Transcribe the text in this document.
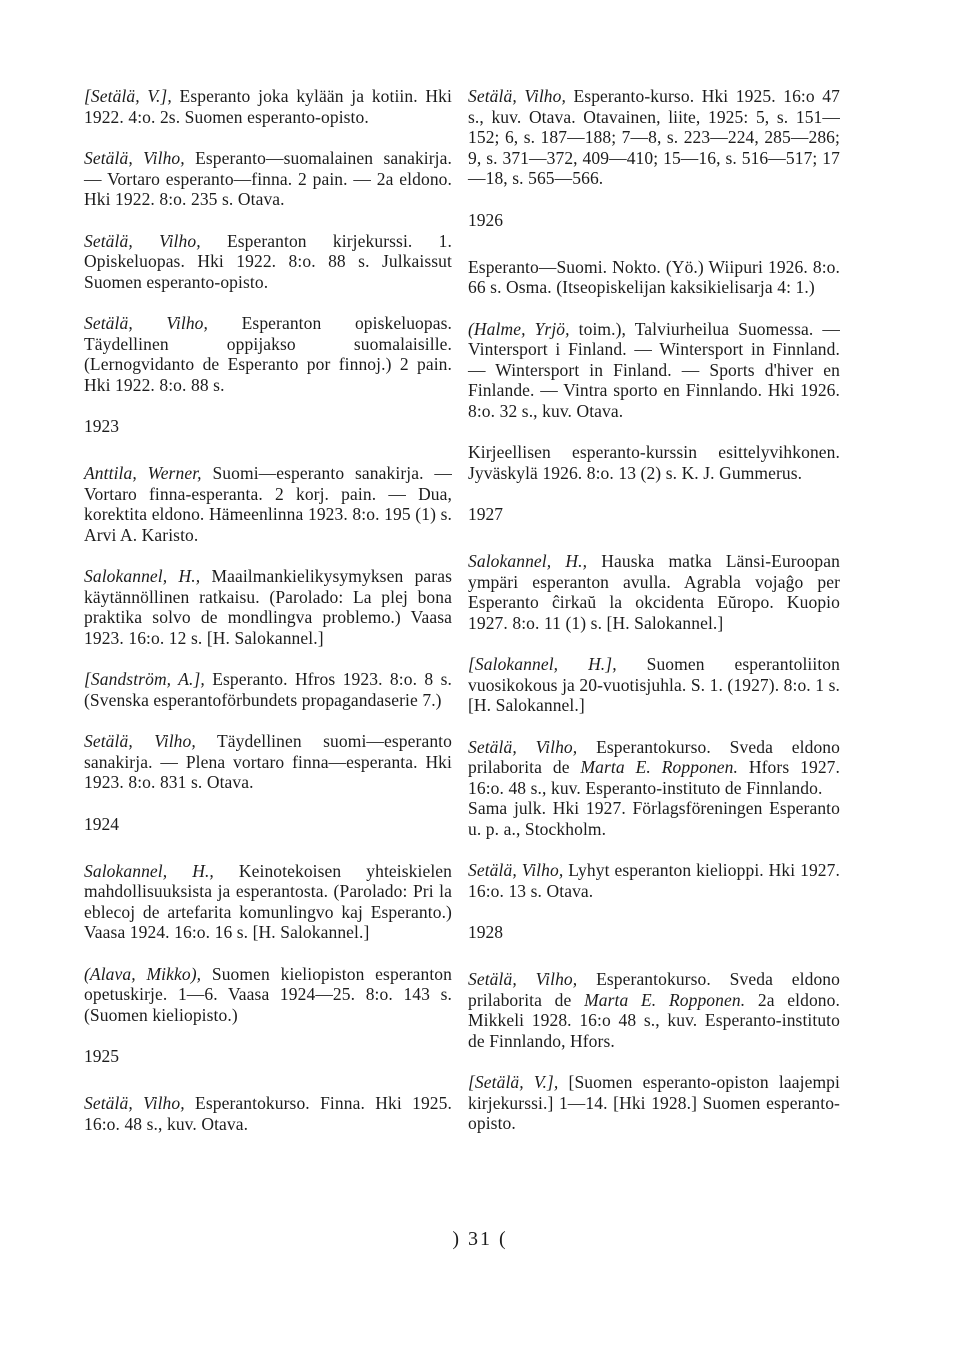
[Setälä, V.], Esperanto joka kylään ja kotiin. Hki 1922. 4:o. 2s. Suomen esperanto-opisto.
Setälä, Vilho, Esperanto—suomalainen sanakirja. — Vortaro esperanto—finna. 2 pain. — 2a eldono. Hki 1922. 8:o. 235 s. Otava.
Setälä, Vilho, Esperanton kirjekurssi. 1. Opiskeluopas. Hki 1922. 8:o. 88 s. Julkaissut Suomen esperanto-opisto.
Setälä, Vilho, Esperanton opiskeluopas. Täydellinen oppijakso suomalaisille. (Lernogvidanto de Esperanto por finnoj.) 2 pain. Hki 1922. 8:o. 88 s.
1923
Anttila, Werner, Suomi—esperanto sanakirja. — Vortaro finna-esperanta. 2 korj. pain. — Dua, korektita eldono. Hämeenlinna 1923. 8:o. 195 (1) s. Arvi A. Karisto.
Salokannel, H., Maailmankielikysymyksen paras käytännöllinen ratkaisu. (Parolado: La plej bona praktika solvo de mondlingva problemo.) Vaasa 1923. 16:o. 12 s. [H. Salokannel.]
[Sandström, A.], Esperanto. Hfros 1923. 8:o. 8 s. (Svenska esperantoförbundets propagandaserie 7.)
Setälä, Vilho, Täydellinen suomi—esperanto sanakirja. — Plena vortaro finna—esperanta. Hki 1923. 8:o. 831 s. Otava.
1924
Salokannel, H., Keinotekoisen yhteiskielen mahdollisuuksista ja esperantosta. (Parolado: Pri la eblecoj de artefarita komunlingvo kaj Esperanto.) Vaasa 1924. 16:o. 16 s. [H. Salokannel.]
(Alava, Mikko), Suomen kieliopiston esperanton opetuskirje. 1—6. Vaasa 1924—25. 8:o. 143 s. (Suomen kieliopisto.)
1925
Setälä, Vilho, Esperantokurso. Finna. Hki 1925. 16:o. 48 s., kuv. Otava.
Setälä, Vilho, Esperanto-kurso. Hki 1925. 16:o 47 s., kuv. Otava. Otavainen, liite, 1925: 5, s. 151—152; 6, s. 187—188; 7—8, s. 223—224, 285—286; 9, s. 371—372, 409—410; 15—16, s. 516—517; 17—18, s. 565—566.
1926
Esperanto—Suomi. Nokto. (Yö.) Wiipuri 1926. 8:o. 66 s. Osma. (Itseopiskelijan kaksikielisarja 4: 1.)
(Halme, Yrjö, toim.), Talviurheilua Suomessa. — Vintersport i Finland. — Wintersport in Finnland. — Wintersport in Finland. — Sports d'hiver en Finlande. — Vintra sporto en Finnlando. Hki 1926. 8:o. 32 s., kuv. Otava.
Kirjeellisen esperanto-kurssin esittelyvihkonen. Jyväskylä 1926. 8:o. 13 (2) s. K. J. Gummerus.
1927
Salokannel, H., Hauska matka Länsi-Euroopan ympäri esperanton avulla. Agrabla vojaĝo per Esperanto ĉirkaŭ la okcidenta Eŭropo. Kuopio 1927. 8:o. 11 (1) s. [H. Salokannel.]
[Salokannel, H.], Suomen esperantoliiton vuosikokous ja 20-vuotisjuhla. S. 1. (1927). 8:o. 1 s. [H. Salokannel.]
Setälä, Vilho, Esperantokurso. Sveda eldono prilaborita de Marta E. Ropponen. Hfors 1927. 16:o. 48 s., kuv. Esperanto-instituto de Finnlando.
Sama julk. Hki 1927. Förlagsföreningen Esperanto u. p. a., Stockholm.
Setälä, Vilho, Lyhyt esperanton kielioppi. Hki 1927. 16:o. 13 s. Otava.
1928
Setälä, Vilho, Esperantokurso. Sveda eldono prilaborita de Marta E. Ropponen. 2a eldono. Mikkeli 1928. 16:o 48 s., kuv. Esperanto-instituto de Finnlando, Hfors.
[Setälä, V.], [Suomen esperanto-opiston laajempi kirjekurssi.] 1—14. [Hki 1928.] Suomen esperanto-opisto.
) 31 (
